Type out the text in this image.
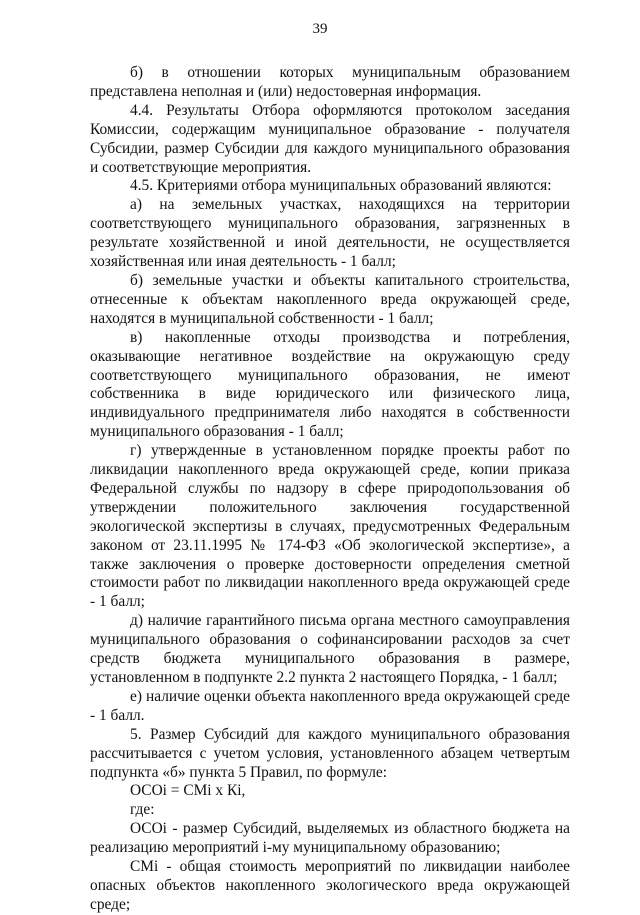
39

б) в отношении которых муниципальным образованием представлена неполная и (или) недостоверная информация.

4.4. Результаты Отбора оформляются протоколом заседания Комиссии, содержащим муниципальное образование - получателя Субсидии, размер Субсидии для каждого муниципального образования и соответствующие мероприятия.

4.5. Критериями отбора муниципальных образований являются:

а) на земельных участках, находящихся на территории соответствующего муниципального образования, загрязненных в результате хозяйственной и иной деятельности, не осуществляется хозяйственная или иная деятельность - 1 балл;

б) земельные участки и объекты капитального строительства, отнесенные к объектам накопленного вреда окружающей среде, находятся в муниципальной собственности - 1 балл;

в) накопленные отходы производства и потребления, оказывающие негативное воздействие на окружающую среду соответствующего муниципального образования, не имеют собственника в виде юридического или физического лица, индивидуального предпринимателя либо находятся в собственности муниципального образования - 1 балл;

г) утвержденные в установленном порядке проекты работ по ликвидации накопленного вреда окружающей среде, копии приказа Федеральной службы по надзору в сфере природопользования об утверждении положительного заключения государственной экологической экспертизы в случаях, предусмотренных Федеральным законом от 23.11.1995 № 174-ФЗ «Об экологической экспертизе», а также заключения о проверке достоверности определения сметной стоимости работ по ликвидации накопленного вреда окружающей среде - 1 балл;

д) наличие гарантийного письма органа местного самоуправления муниципального образования о софинансировании расходов за счет средств бюджета муниципального образования в размере, установленном в подпункте 2.2 пункта 2 настоящего Порядка, - 1 балл;

е) наличие оценки объекта накопленного вреда окружающей среде - 1 балл.

5. Размер Субсидий для каждого муниципального образования рассчитывается с учетом условия, установленного абзацем четвертым подпункта «б» пункта 5 Правил, по формуле:

ОСОi = СМi x Кi,

где:

ОСОi - размер Субсидий, выделяемых из областного бюджета на реализацию мероприятий i-му муниципальному образованию;

СМi - общая стоимость мероприятий по ликвидации наиболее опасных объектов накопленного экологического вреда окружающей среде;
